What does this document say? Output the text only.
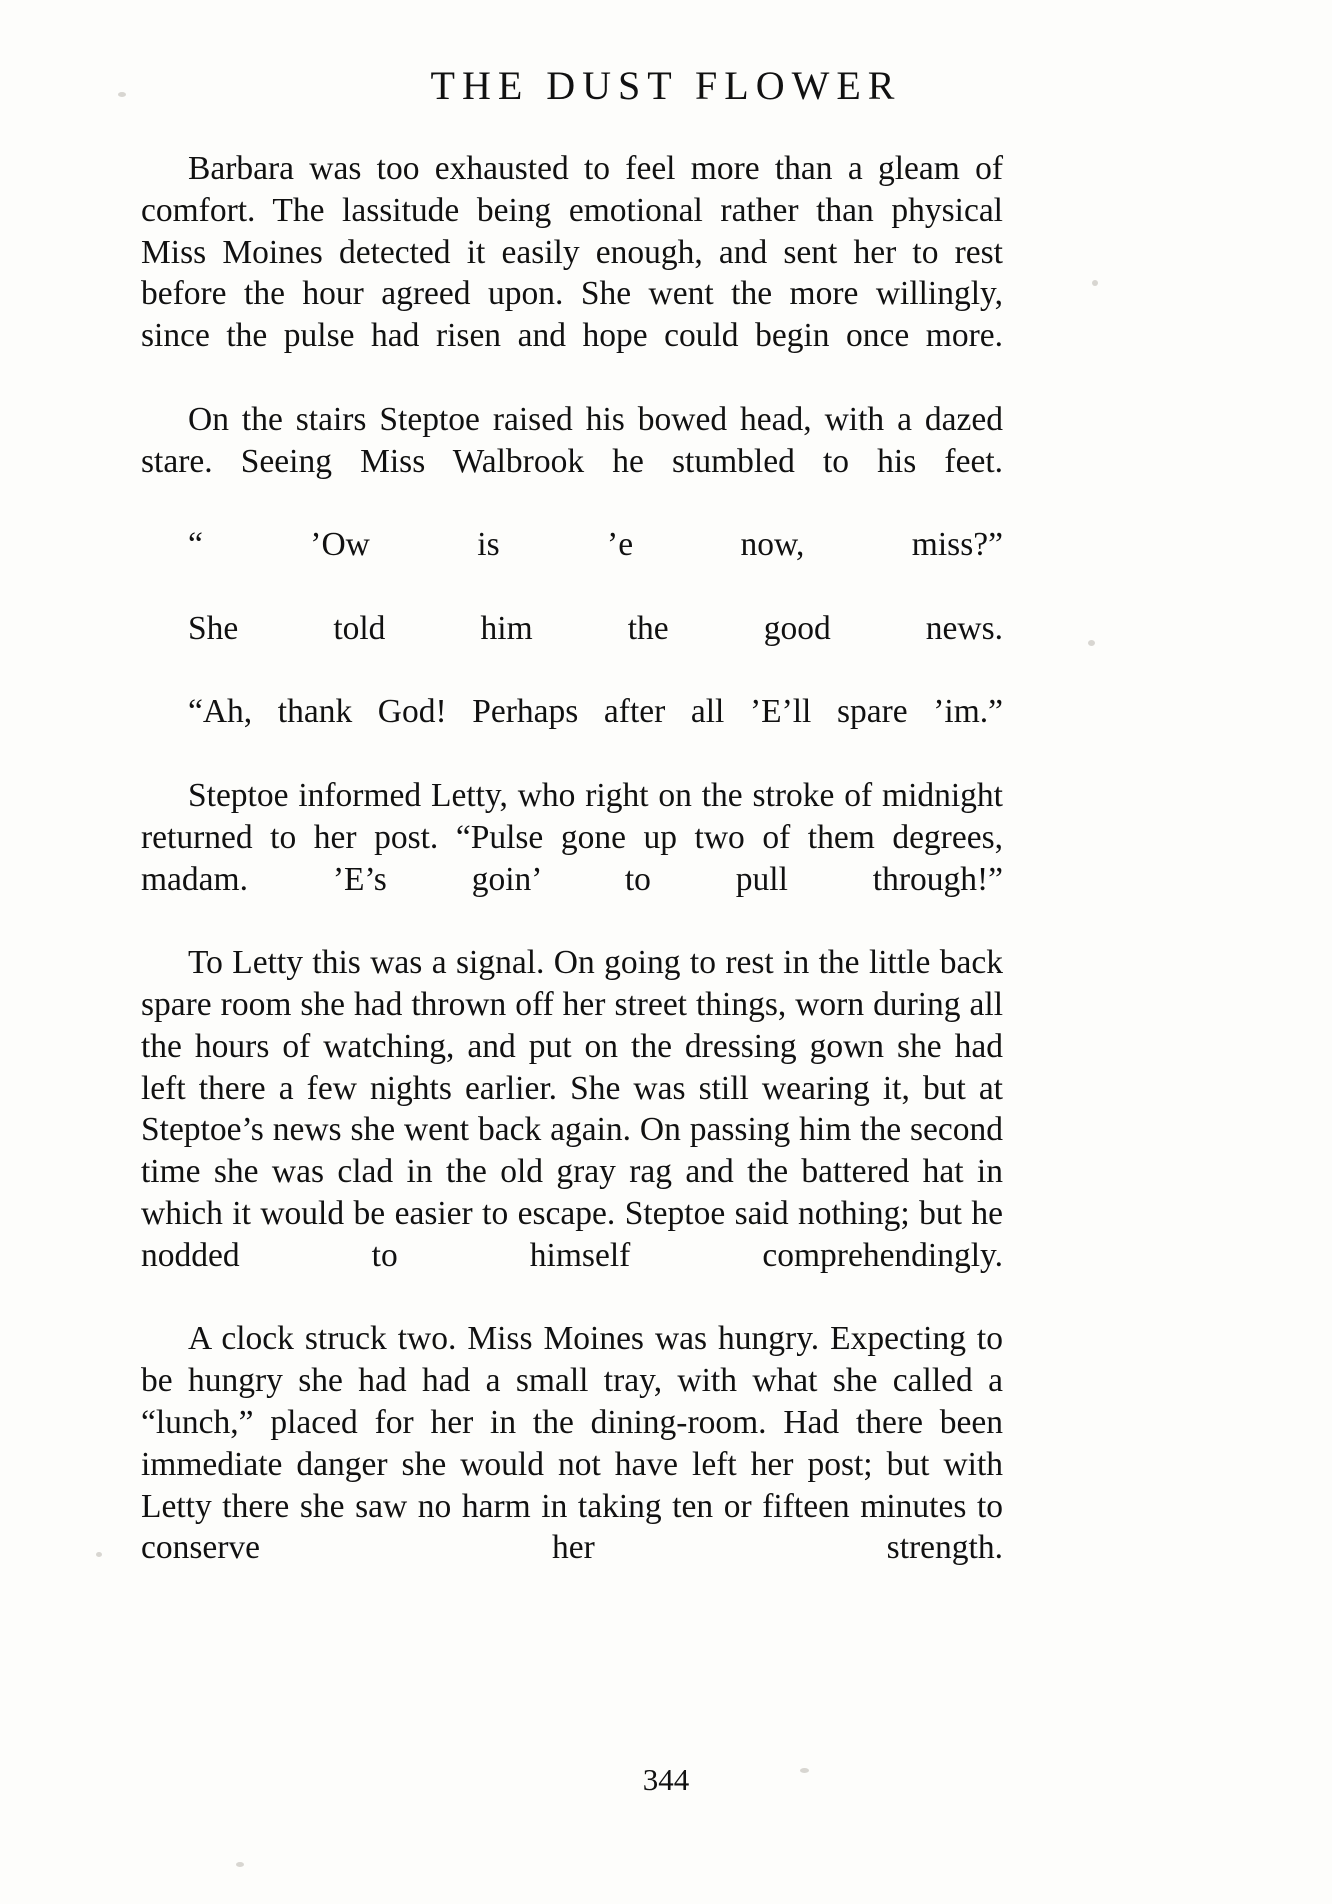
THE DUST FLOWER

Barbara was too exhausted to feel more than a gleam of comfort. The lassitude being emotional rather than physical Miss Moines detected it easily enough, and sent her to rest before the hour agreed upon. She went the more willingly, since the pulse had risen and hope could begin once more.

On the stairs Steptoe raised his bowed head, with a dazed stare. Seeing Miss Walbrook he stumbled to his feet.

“ ’Ow is ’e now, miss?”

She told him the good news.

“Ah, thank God! Perhaps after all ’E’ll spare ’im.”

Steptoe informed Letty, who right on the stroke of midnight returned to her post. “Pulse gone up two of them degrees, madam. ’E’s goin’ to pull through!”

To Letty this was a signal. On going to rest in the little back spare room she had thrown off her street things, worn during all the hours of watching, and put on the dressing gown she had left there a few nights earlier. She was still wearing it, but at Steptoe’s news she went back again. On passing him the second time she was clad in the old gray rag and the battered hat in which it would be easier to escape. Steptoe said nothing; but he nodded to himself comprehendingly.

A clock struck two. Miss Moines was hungry. Expecting to be hungry she had had a small tray, with what she called a “lunch,” placed for her in the dining-room. Had there been immediate danger she would not have left her post; but with Letty there she saw no harm in taking ten or fifteen minutes to conserve her strength.

344
